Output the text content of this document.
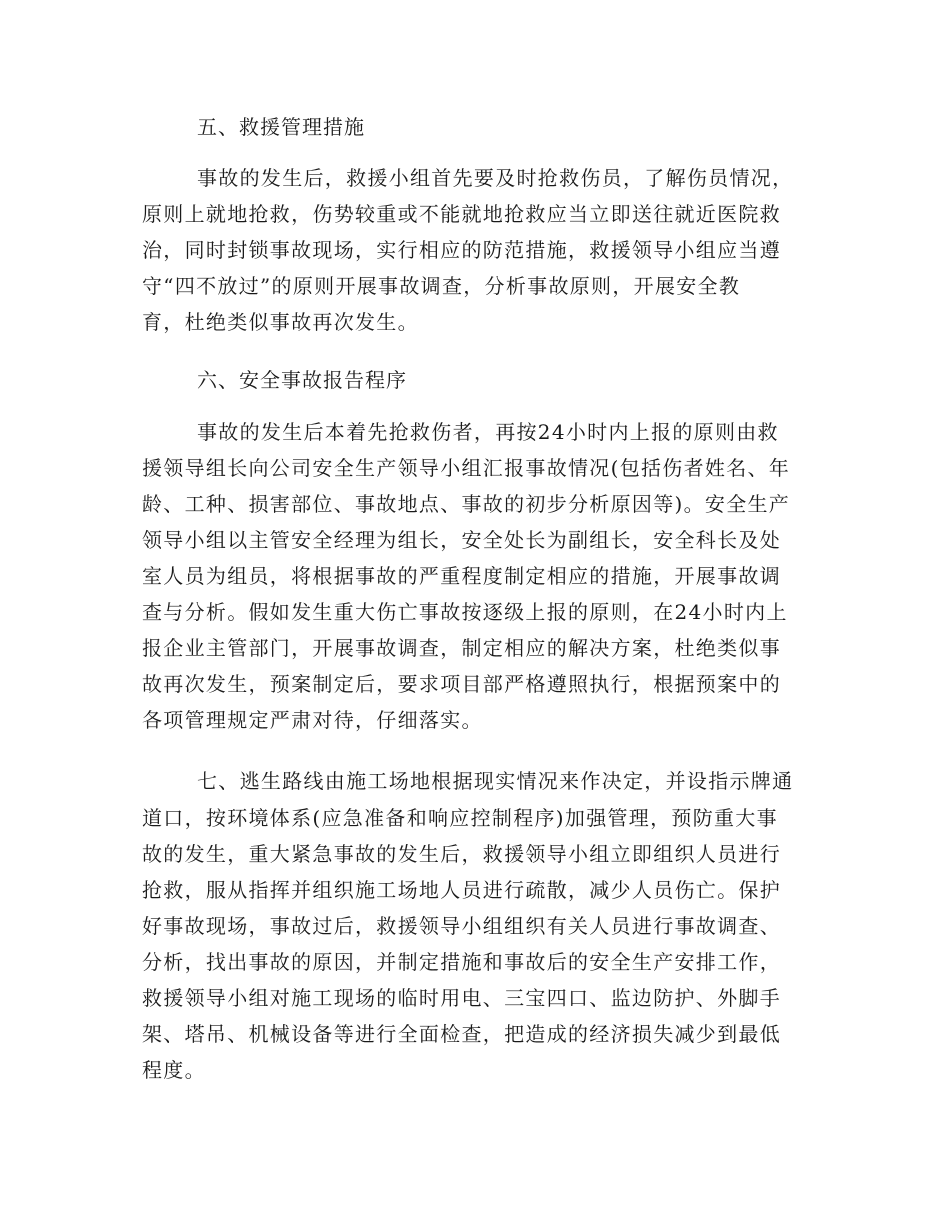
五、救援管理措施
事故的发生后，救援小组首先要及时抢救伤员，了解伤员情况，
原则上就地抢救，伤势较重或不能就地抢救应当立即送往就近医院救
治，同时封锁事故现场，实行相应的防范措施，救援领导小组应当遵
守“四不放过”的原则开展事故调查，分析事故原则，开展安全教
育，杜绝类似事故再次发生。
六、安全事故报告程序
事故的发生后本着先抢救伤者，再按24小时内上报的原则由救
援领导组长向公司安全生产领导小组汇报事故情况(包括伤者姓名、年
龄、工种、损害部位、事故地点、事故的初步分析原因等)。安全生产
领导小组以主管安全经理为组长，安全处长为副组长，安全科长及处
室人员为组员，将根据事故的严重程度制定相应的措施，开展事故调
查与分析。假如发生重大伤亡事故按逐级上报的原则，在24小时内上
报企业主管部门，开展事故调查，制定相应的解决方案，杜绝类似事
故再次发生，预案制定后，要求项目部严格遵照执行，根据预案中的
各项管理规定严肃对待，仔细落实。
七、逃生路线由施工场地根据现实情况来作决定，并设指示牌通
道口，按环境体系(应急准备和响应控制程序)加强管理，预防重大事
故的发生，重大紧急事故的发生后，救援领导小组立即组织人员进行
抢救，服从指挥并组织施工场地人员进行疏散，减少人员伤亡。保护
好事故现场，事故过后，救援领导小组组织有关人员进行事故调查、
分析，找出事故的原因，并制定措施和事故后的安全生产安排工作，
救援领导小组对施工现场的临时用电、三宝四口、监边防护、外脚手
架、塔吊、机械设备等进行全面检查，把造成的经济损失减少到最低
程度。
